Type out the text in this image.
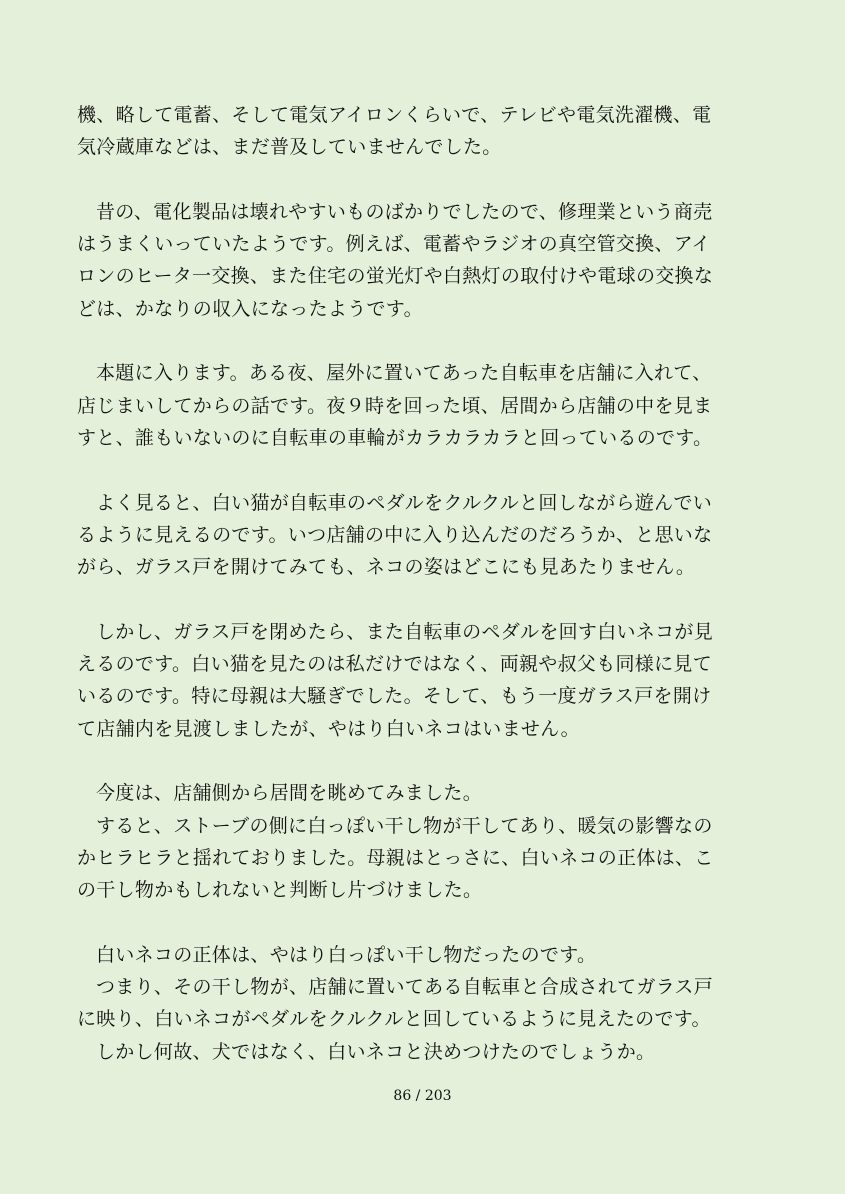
機、略して電蓄、そして電気アイロンくらいで、テレビや電気洗濯機、電
気冷蔵庫などは、まだ普及していませんでした。
昔の、電化製品は壊れやすいものばかりでしたので、修理業という商売
はうまくいっていたようです。例えば、電蓄やラジオの真空管交換、アイ
ロンのヒータ一交換、また住宅の蛍光灯や白熱灯の取付けや電球の交換な
どは、かなりの収入になったようです。
本題に入ります。ある夜、屋外に置いてあった自転車を店舗に入れて、
店じまいしてからの話です。夜９時を回った頃、居間から店舗の中を見ま
すと、誰もいないのに自転車の車輪がカラカラカラと回っているのです。
よく見ると、白い猫が自転車のペダルをクルクルと回しながら遊んでい
るように見えるのです。いつ店舗の中に入り込んだのだろうか、と思いな
がら、ガラス戸を開けてみても、ネコの姿はどこにも見あたりません。
しかし、ガラス戸を閉めたら、また自転車のペダルを回す白いネコが見
えるのです。白い猫を見たのは私だけではなく、両親や叔父も同様に見て
いるのです。特に母親は大騒ぎでした。そして、もう一度ガラス戸を開け
て店舗内を見渡しましたが、やはり白いネコはいません。
今度は、店舗側から居間を眺めてみました。
すると、ストーブの側に白っぽい干し物が干してあり、暖気の影響なの
かヒラヒラと揺れておりました。母親はとっさに、白いネコの正体は、こ
の干し物かもしれないと判断し片づけました。
白いネコの正体は、やはり白っぽい干し物だったのです。
つまり、その干し物が、店舗に置いてある自転車と合成されてガラス戸
に映り、白いネコがペダルをクルクルと回しているように見えたのです。
しかし何故、犬ではなく、白いネコと決めつけたのでしょうか。
86 / 203
